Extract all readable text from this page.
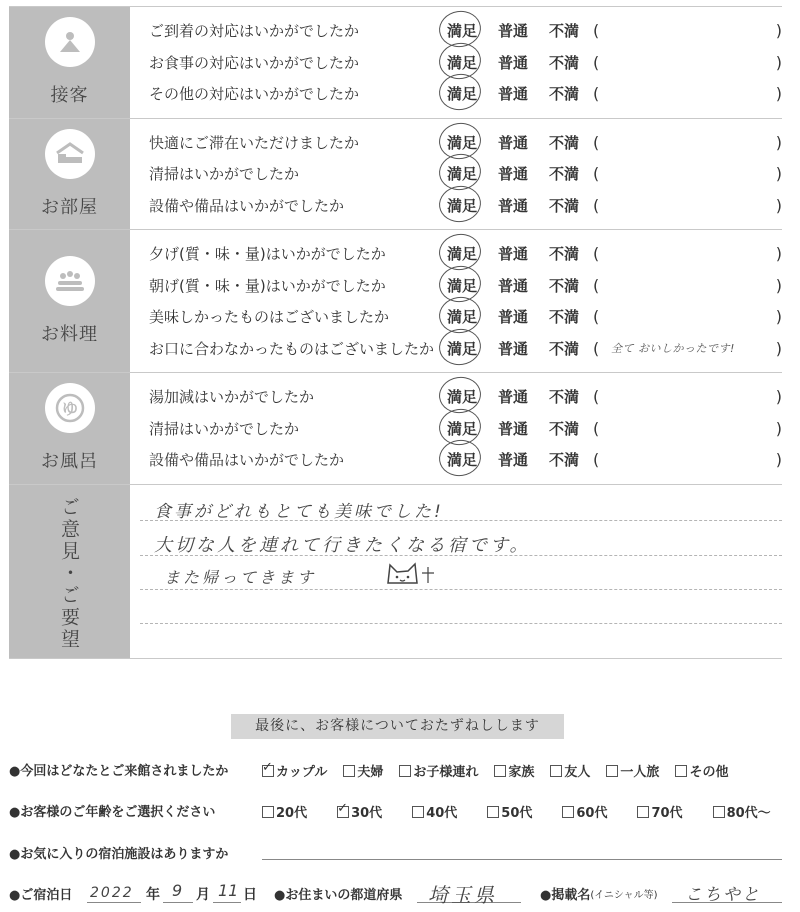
接客
ご到着の対応はいかがでしたか	満足	普通	不満 (	)
お食事の対応はいかがでしたか	満足	普通	不満 (	)
その他の対応はいかがでしたか	満足	普通	不満 (	)
お部屋
快適にご滞在いただけましたか	満足	普通	不満 (	)
清掃はいかがでしたか	満足	普通	不満 (	)
設備や備品はいかがでしたか	満足	普通	不満 (	)
お料理
夕げ(質・味・量)はいかがでしたか	満足	普通	不満 (	)
朝げ(質・味・量)はいかがでしたか	満足	普通	不満 (	)
美味しかったものはございましたか	満足	普通	不満 (	)
お口に合わなかったものはございましたか 満足	普通	不満 (	全て おいしかったです!	)
ゆ
お風呂
湯加減はいかがでしたか	満足	普通	不満 (	)
清掃はいかがでしたか	満足	普通	不満 (	)
設備や備品はいかがでしたか	満足	普通	不満 (	)
ご意見・ご要望	食事がどれもとても美味でした!
大切な人を連れて行きたくなる宿です。
また帰ってきます
最後に、お客様についておたずねしします
●今回はどなたとご来館されましたか ✓	カップル 夫婦 お子様連れ 家族 友人 一人旅 その他
●お客様のご年齢をご選択ください	20代 ✓	30代	40代	50代	60代	70代	80代〜
●お気に入りの宿泊施設はありますか
●ご宿泊日 2022 年 9 月 11 日 ●お住まいの都道府県 埼玉県	●掲載名 (イニシャル等) こちやと
